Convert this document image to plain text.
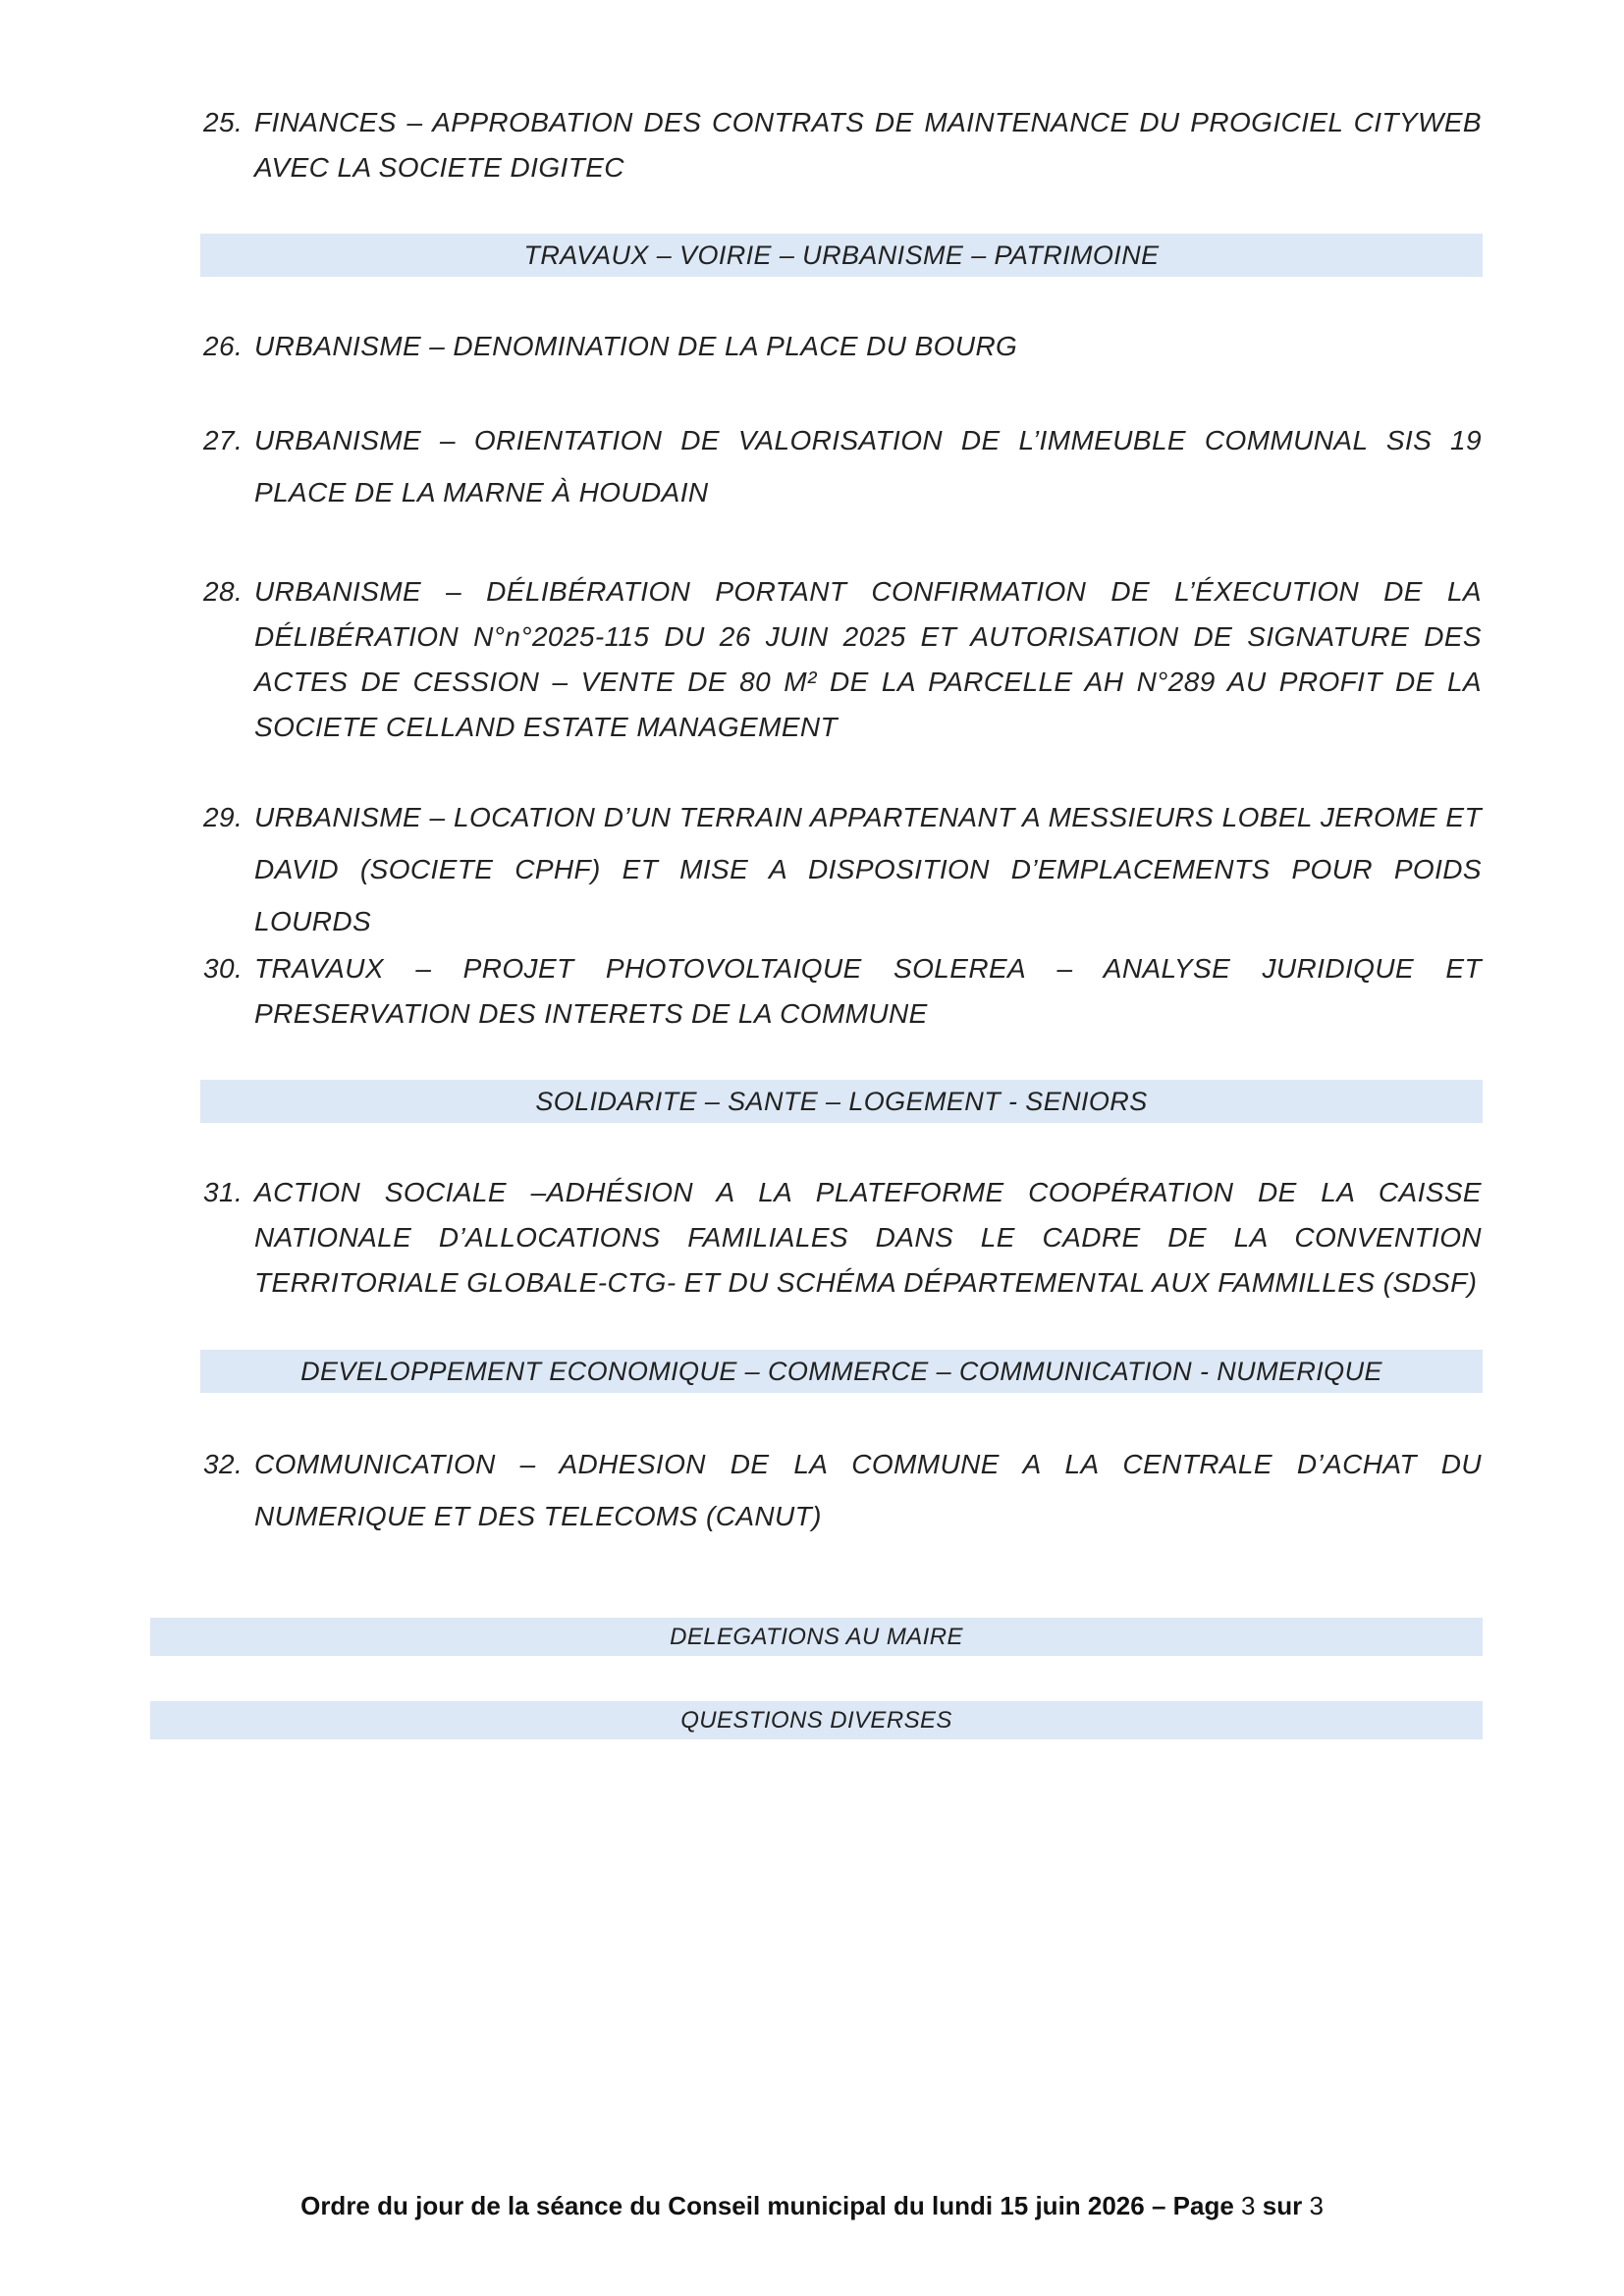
25. FINANCES – APPROBATION DES CONTRATS DE MAINTENANCE DU PROGICIEL CITYWEB AVEC LA SOCIETE DIGITEC
TRAVAUX – VOIRIE – URBANISME – PATRIMOINE
26. URBANISME – DENOMINATION DE LA PLACE DU BOURG
27. URBANISME – ORIENTATION DE VALORISATION DE L’IMMEUBLE COMMUNAL SIS 19 PLACE DE LA MARNE À HOUDAIN
28. URBANISME – DÉLIBÉRATION PORTANT CONFIRMATION DE L’ÉXECUTION DE LA DÉLIBÉRATION N°n°2025-115 DU 26 JUIN 2025 ET AUTORISATION DE SIGNATURE DES ACTES DE CESSION – VENTE DE 80 M² DE LA PARCELLE AH N°289 AU PROFIT DE LA SOCIETE CELLAND ESTATE MANAGEMENT
29. URBANISME – LOCATION D’UN TERRAIN APPARTENANT A MESSIEURS LOBEL JEROME ET DAVID (SOCIETE CPHF) ET MISE A DISPOSITION D’EMPLACEMENTS POUR POIDS LOURDS
30. TRAVAUX – PROJET PHOTOVOLTAIQUE SOLEREA – ANALYSE JURIDIQUE ET PRESERVATION DES INTERETS DE LA COMMUNE
SOLIDARITE – SANTE – LOGEMENT - SENIORS
31. ACTION SOCIALE –ADHÉSION A LA PLATEFORME COOPÉRATION DE LA CAISSE NATIONALE D’ALLOCATIONS FAMILIALES DANS LE CADRE DE LA CONVENTION TERRITORIALE GLOBALE-CTG- ET DU SCHÉMA DÉPARTEMENTAL AUX FAMMILLES (SDSF)
DEVELOPPEMENT ECONOMIQUE – COMMERCE – COMMUNICATION - NUMERIQUE
32. COMMUNICATION – ADHESION DE LA COMMUNE A LA CENTRALE D’ACHAT DU NUMERIQUE ET DES TELECOMS (CANUT)
DELEGATIONS AU MAIRE
QUESTIONS DIVERSES
Ordre du jour de la séance du Conseil municipal du lundi 15 juin 2026 – Page 3 sur 3
